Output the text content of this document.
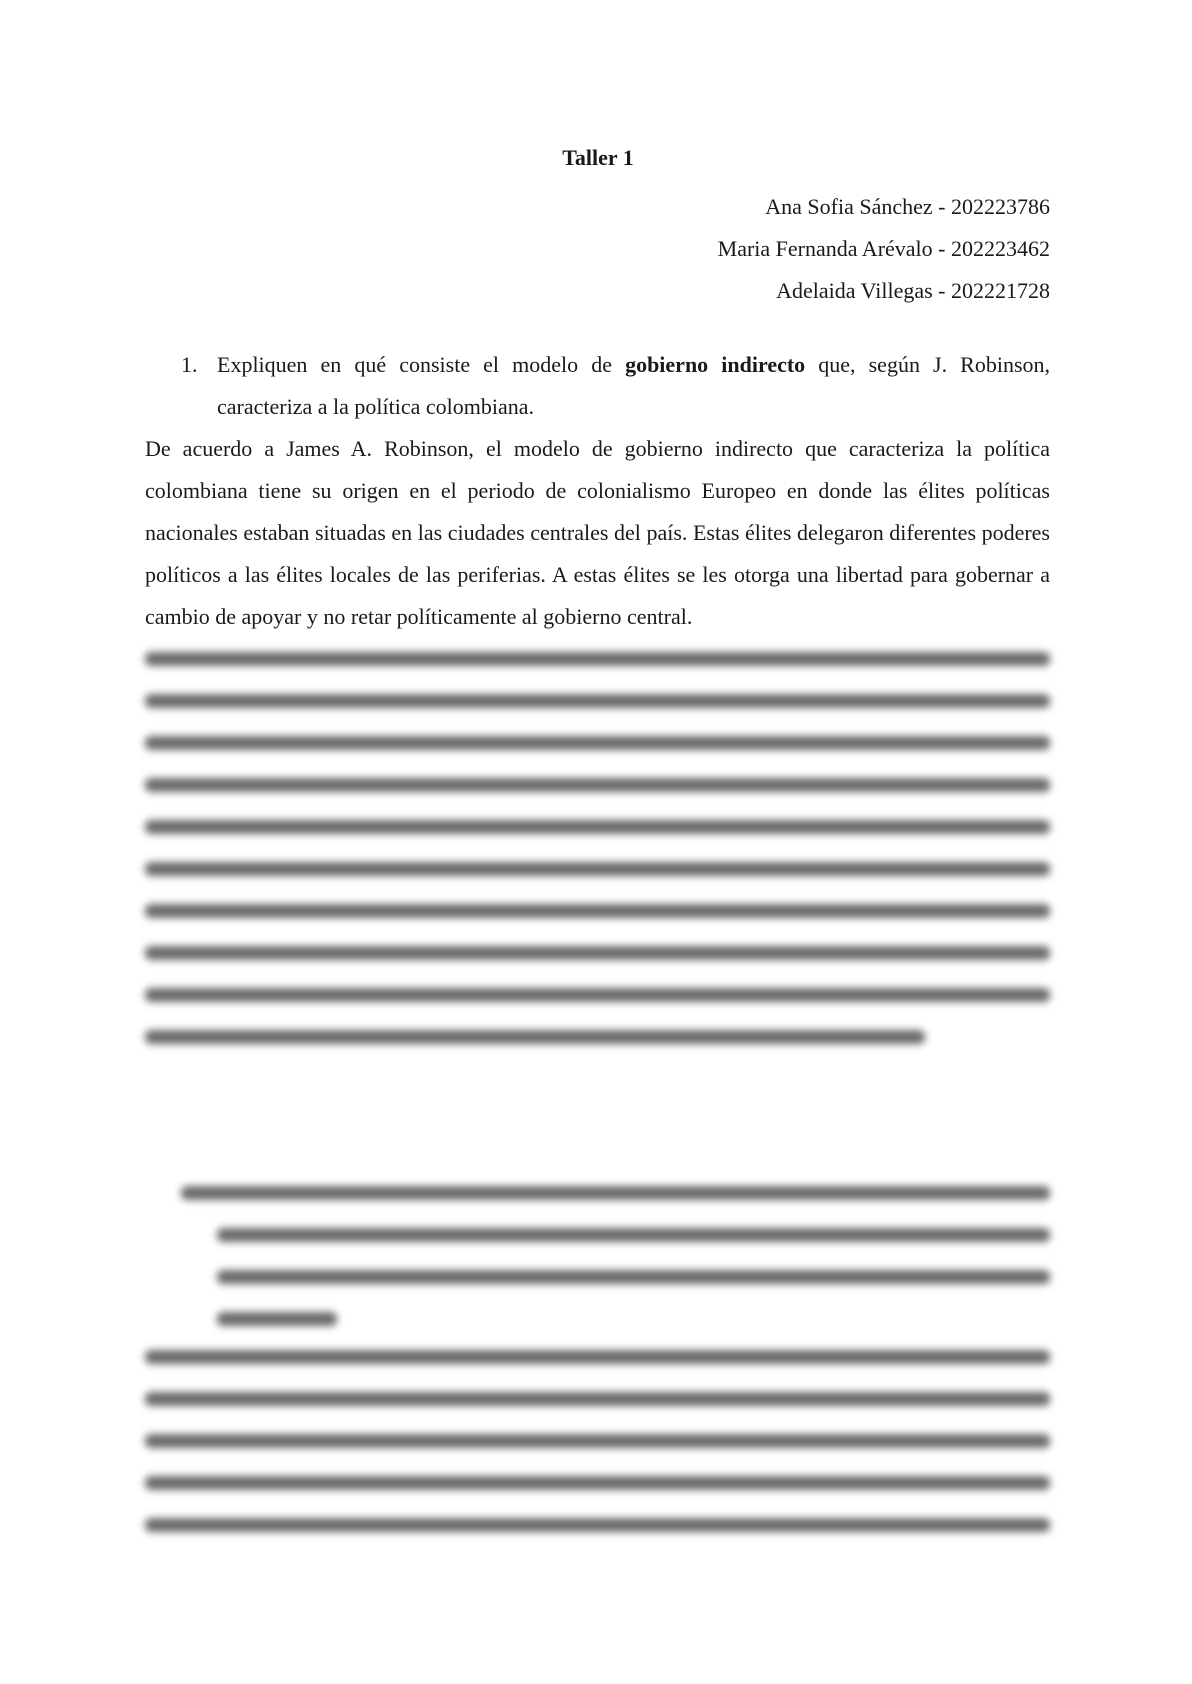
Taller 1
Ana Sofia Sánchez - 202223786
Maria Fernanda Arévalo - 202223462
Adelaida Villegas - 202221728
1. Expliquen en qué consiste el modelo de gobierno indirecto que, según J. Robinson, caracteriza a la política colombiana.

De acuerdo a James A. Robinson, el modelo de gobierno indirecto que caracteriza la política colombiana tiene su origen en el periodo de colonialismo Europeo en donde las élites políticas nacionales estaban situadas en las ciudades centrales del país. Estas élites delegaron diferentes poderes políticos a las élites locales de las periferias. A estas élites se les otorga una libertad para gobernar a cambio de apoyar y no retar políticamente al gobierno central.
